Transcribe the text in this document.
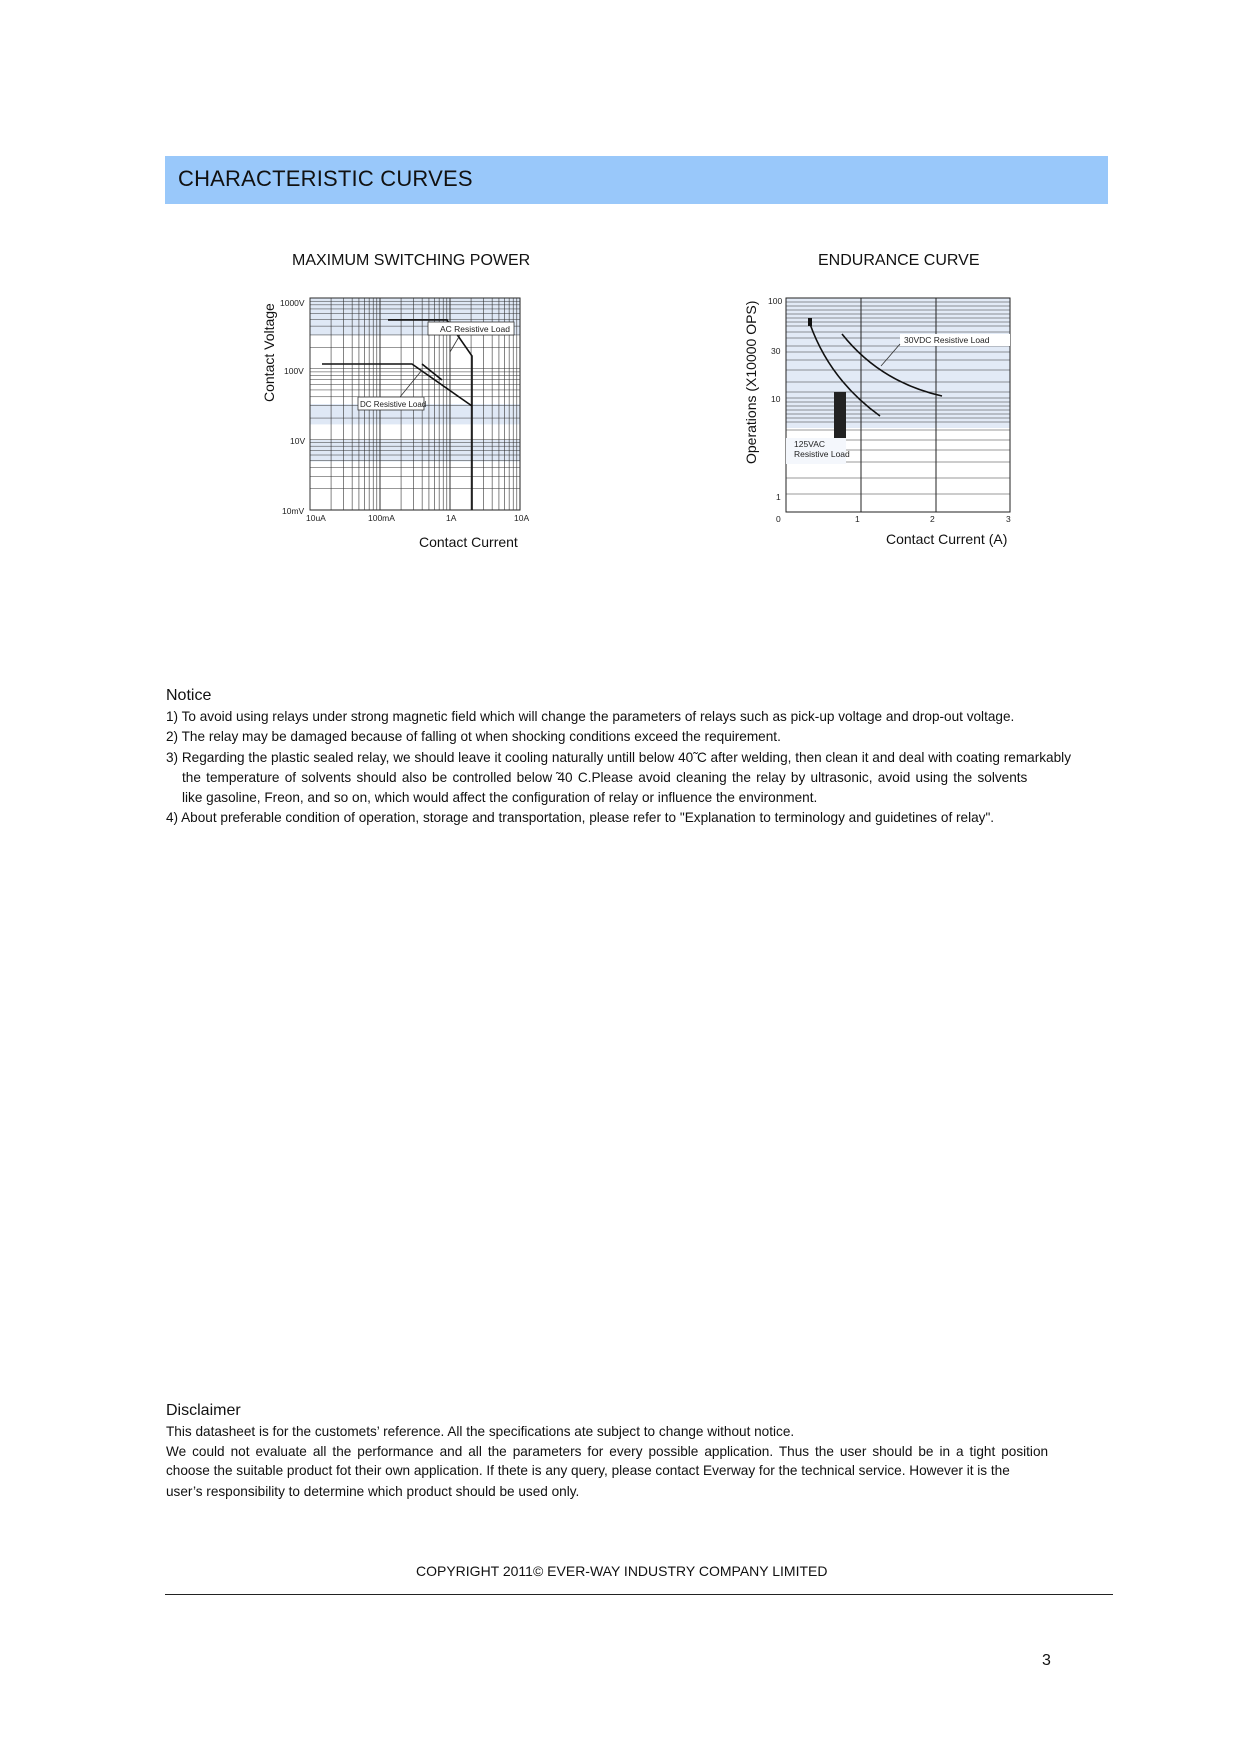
CHARACTERISTIC CURVES
MAXIMUM SWITCHING POWER
Contact Voltage
Contact Current
1000V
100V
10V
10mV
10uA	100mA	1A	10A
AC Resistive Load
DC Resistive Load
ENDURANCE CURVE
Operations (X10000 OPS)
Contact Current (A)
125VAC
Resistive Load
30VDC Resistive Load
100
30
10
1
0	1	2	3
Notice
1) To avoid using relays under strong magnetic field which will change the parameters of relays such as pick-up voltage and drop-out voltage.
2) The relay may be damaged because of falling ot when shocking conditions exceed the requirement.
3) Regarding the plastic sealed relay, we should leave it cooling naturally untill below 40̃ C after welding, then clean it and deal with coating remarkably
the temperature of solvents should also be controlled below ̃40 C.Please avoid cleaning the relay by ultrasonic, avoid using the solvents
like gasoline, Freon, and so on, which would affect the configuration of relay or influence the environment.
4) About preferable condition of operation, storage and transportation, please refer to "Explanation to terminology and guidetines of relay".
Disclaimer
This datasheet is for the customets’ reference. All the specifications ate subject to change without notice.
We could not evaluate all the performance and all the parameters for every possible application. Thus the user should be in a tight position
choose the suitable product fot their own application. If thete is any query, please contact Everway for the technical service. However it is the
user’s responsibility to determine which product should be used only.
COPYRIGHT 2011© EVER-WAY INDUSTRY COMPANY LIMITED
3
